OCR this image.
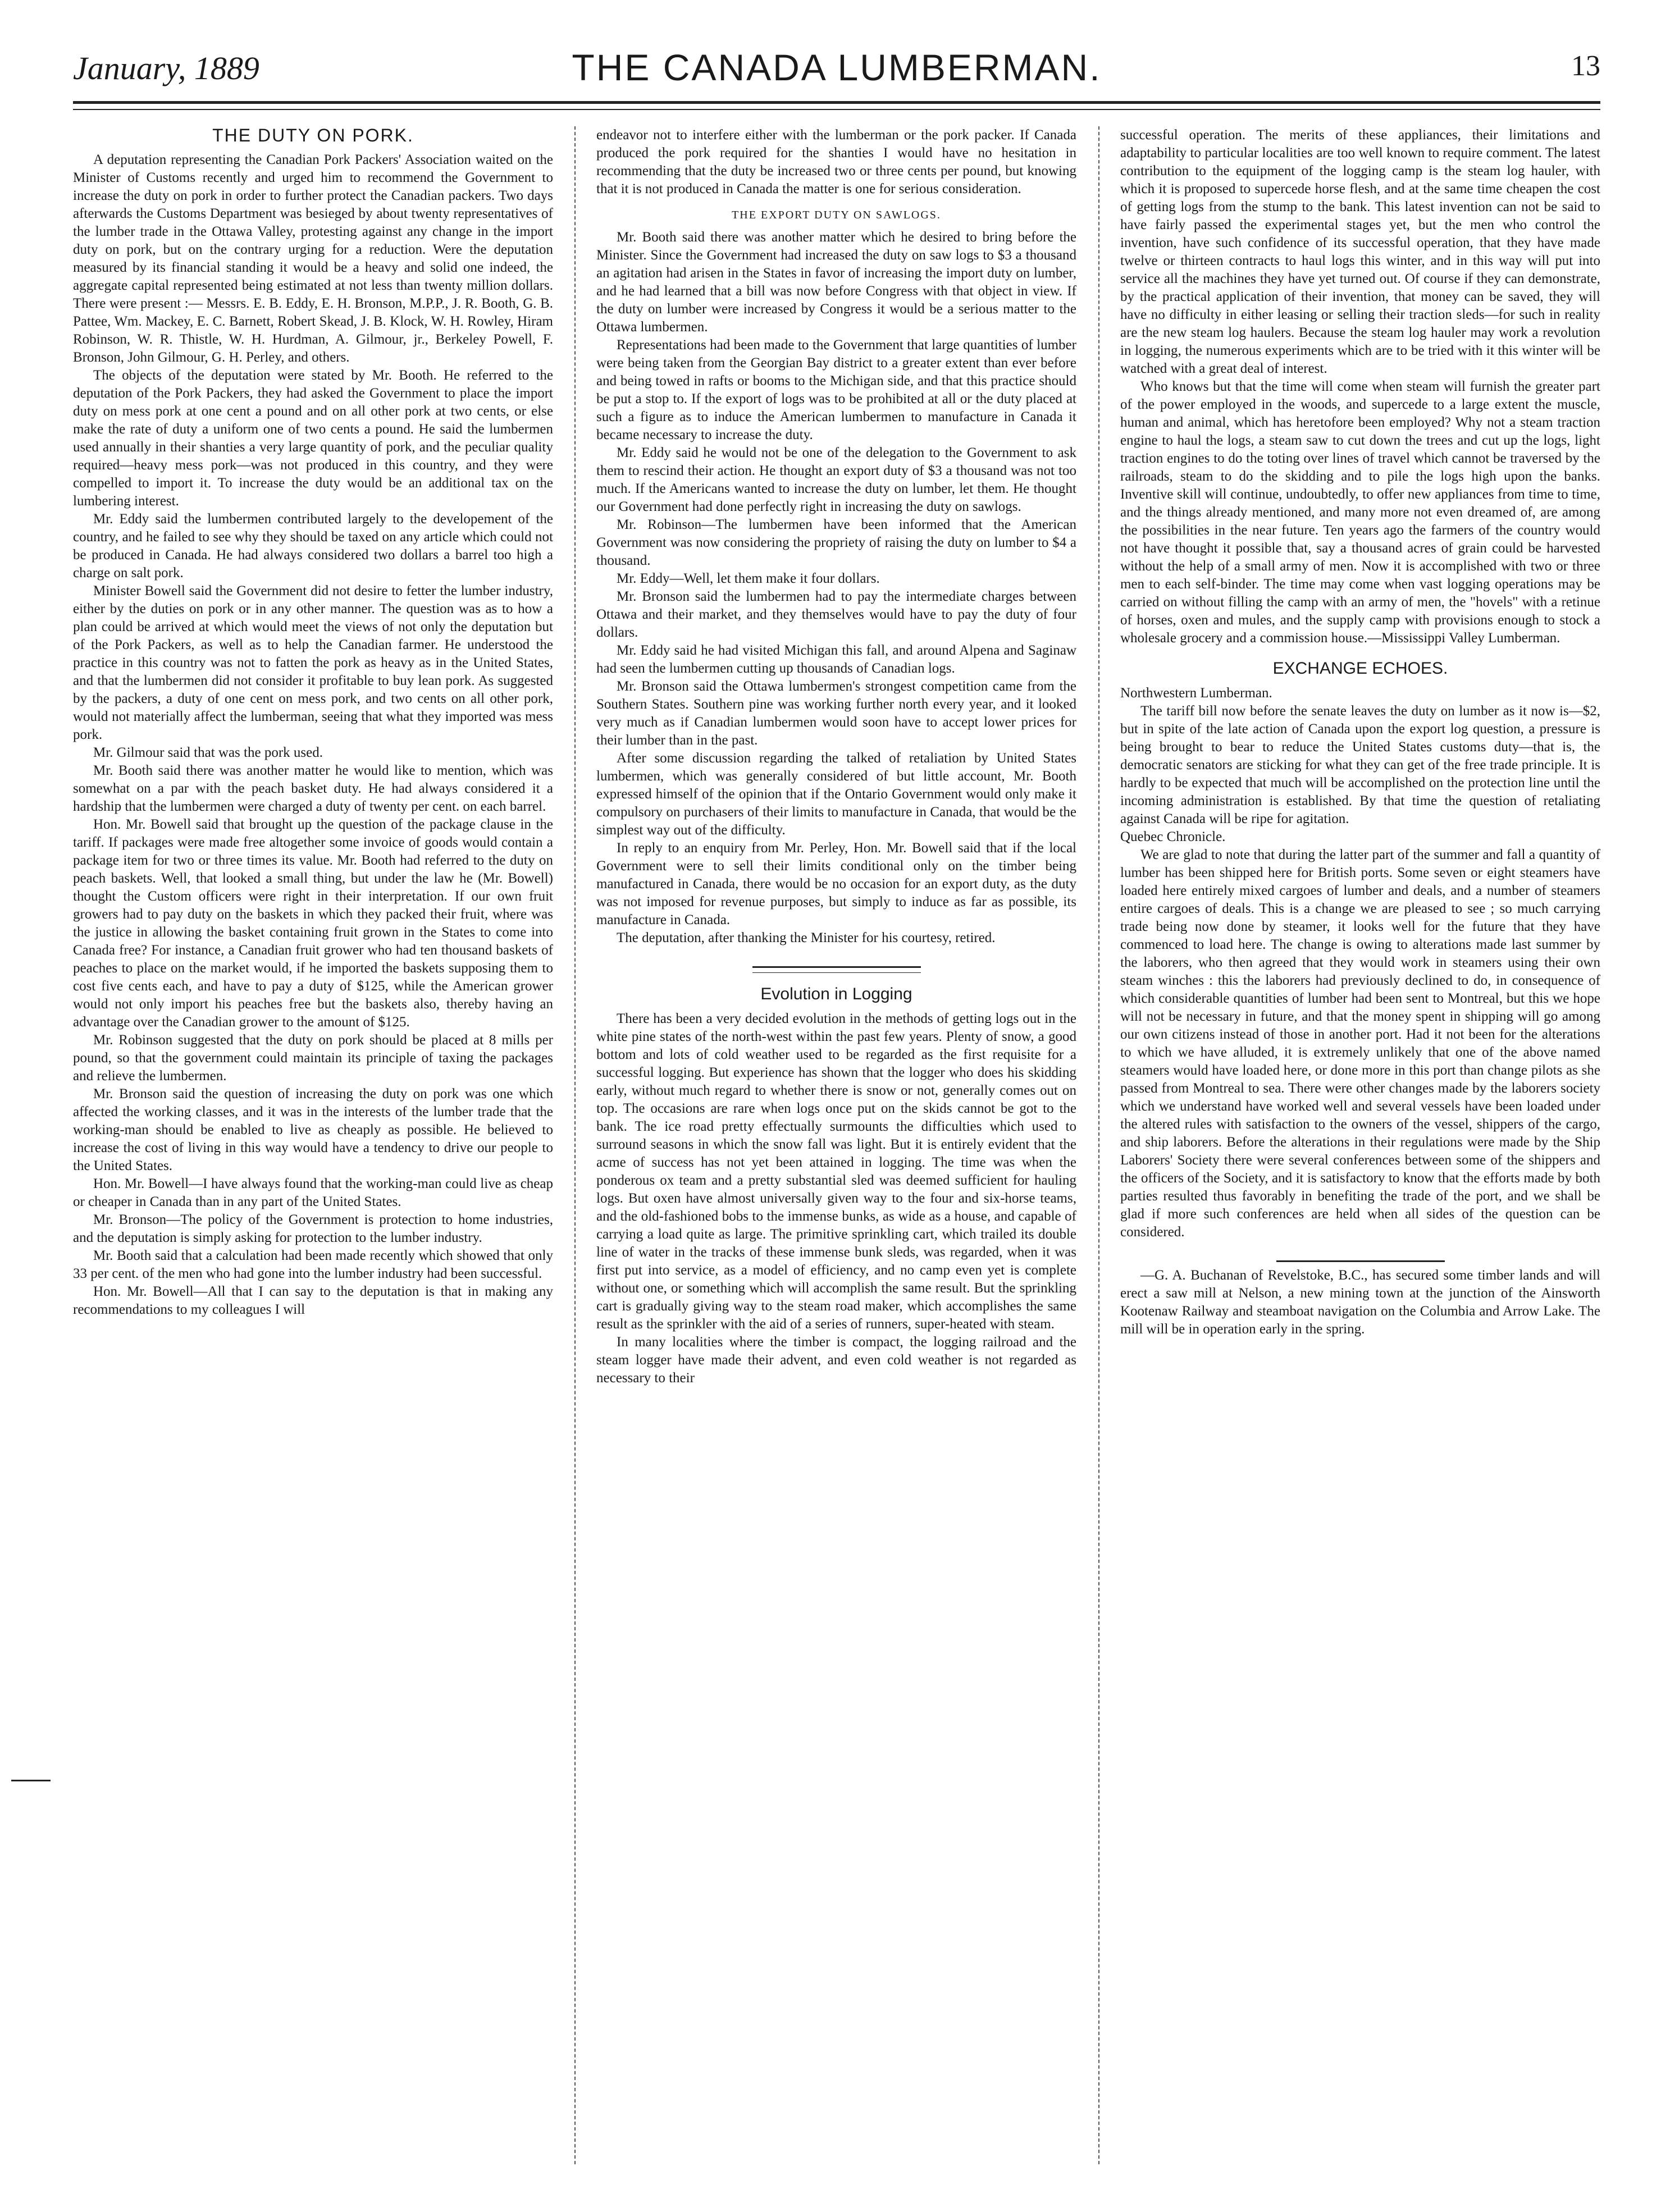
January, 1889	THE CANADA LUMBERMAN.	13
THE DUTY ON PORK.

A deputation representing the Canadian Pork Packers' Association waited on the Minister of Customs recently and urged him to recommend the Government to increase the duty on pork in order to further protect the Canadian packers. Two days afterwards the Customs Department was besieged by about twenty representatives of the lumber trade in the Ottawa Valley, protesting against any change in the import duty on pork, but on the contrary urging for a reduction. Were the deputation measured by its financial standing it would be a heavy and solid one indeed, the aggregate capital represented being estimated at not less than twenty million dollars. There were present :— Messrs. E. B. Eddy, E. H. Bronson, M.P.P., J. R. Booth, G. B. Pattee, Wm. Mackey, E. C. Barnett, Robert Skead, J. B. Klock, W. H. Rowley, Hiram Robinson, W. R. Thistle, W. H. Hurdman, A. Gilmour, jr., Berkeley Powell, F. Bronson, John Gilmour, G. H. Perley, and others.

The objects of the deputation were stated by Mr. Booth. He referred to the deputation of the Pork Packers, they had asked the Government to place the import duty on mess pork at one cent a pound and on all other pork at two cents, or else make the rate of duty a uniform one of two cents a pound. He said the lumbermen used annually in their shanties a very large quantity of pork, and the peculiar quality required—heavy mess pork—was not produced in this country, and they were compelled to import it. To increase the duty would be an additional tax on the lumbering interest.

Mr. Eddy said the lumbermen contributed largely to the developement of the country, and he failed to see why they should be taxed on any article which could not be produced in Canada. He had always considered two dollars a barrel too high a charge on salt pork.

Minister Bowell said the Government did not desire to fetter the lumber industry, either by the duties on pork or in any other manner. The question was as to how a plan could be arrived at which would meet the views of not only the deputation but of the Pork Packers, as well as to help the Canadian farmer. He understood the practice in this country was not to fatten the pork as heavy as in the United States, and that the lumbermen did not consider it profitable to buy lean pork. As suggested by the packers, a duty of one cent on mess pork, and two cents on all other pork, would not materially affect the lumberman, seeing that what they imported was mess pork.

Mr. Gilmour said that was the pork used.

Mr. Booth said there was another matter he would like to mention, which was somewhat on a par with the peach basket duty. He had always considered it a hardship that the lumbermen were charged a duty of twenty per cent. on each barrel.

Hon. Mr. Bowell said that brought up the question of the package clause in the tariff. If packages were made free altogether some invoice of goods would contain a package item for two or three times its value. Mr. Booth had referred to the duty on peach baskets. Well, that looked a small thing, but under the law he (Mr. Bowell) thought the Custom officers were right in their interpretation. If our own fruit growers had to pay duty on the baskets in which they packed their fruit, where was the justice in allowing the basket containing fruit grown in the States to come into Canada free? For instance, a Canadian fruit grower who had ten thousand baskets of peaches to place on the market would, if he imported the baskets supposing them to cost five cents each, and have to pay a duty of $125, while the American grower would not only import his peaches free but the baskets also, thereby having an advantage over the Canadian grower to the amount of $125.

Mr. Robinson suggested that the duty on pork should be placed at 8 mills per pound, so that the government could maintain its principle of taxing the packages and relieve the lumbermen.

Mr. Bronson said the question of increasing the duty on pork was one which affected the working classes, and it was in the interests of the lumber trade that the working-man should be enabled to live as cheaply as possible. He believed to increase the cost of living in this way would have a tendency to drive our people to the United States.

Hon. Mr. Bowell—I have always found that the working-man could live as cheap or cheaper in Canada than in any part of the United States.

Mr. Bronson—The policy of the Government is protection to home industries, and the deputation is simply asking for protection to the lumber industry.

Mr. Booth said that a calculation had been made recently which showed that only 33 per cent. of the men who had gone into the lumber industry had been successful.

Hon. Mr. Bowell—All that I can say to the deputation is that in making any recommendations to my colleagues I will

endeavor not to interfere either with the lumberman or the pork packer. If Canada produced the pork required for the shanties I would have no hesitation in recommending that the duty be increased two or three cents per pound, but knowing that it is not produced in Canada the matter is one for serious consideration.

THE EXPORT DUTY ON SAWLOGS.

Mr. Booth said there was another matter which he desired to bring before the Minister. Since the Government had increased the duty on saw logs to $3 a thousand an agitation had arisen in the States in favor of increasing the import duty on lumber, and he had learned that a bill was now before Congress with that object in view. If the duty on lumber were increased by Congress it would be a serious matter to the Ottawa lumbermen.

Representations had been made to the Government that large quantities of lumber were being taken from the Georgian Bay district to a greater extent than ever before and being towed in rafts or booms to the Michigan side, and that this practice should be put a stop to. If the export of logs was to be prohibited at all or the duty placed at such a figure as to induce the American lumbermen to manufacture in Canada it became necessary to increase the duty.

Mr. Eddy said he would not be one of the delegation to the Government to ask them to rescind their action. He thought an export duty of $3 a thousand was not too much. If the Americans wanted to increase the duty on lumber, let them. He thought our Government had done perfectly right in increasing the duty on sawlogs.

Mr. Robinson—The lumbermen have been informed that the American Government was now considering the propriety of raising the duty on lumber to $4 a thousand.

Mr. Eddy—Well, let them make it four dollars.

Mr. Bronson said the lumbermen had to pay the intermediate charges between Ottawa and their market, and they themselves would have to pay the duty of four dollars.

Mr. Eddy said he had visited Michigan this fall, and around Alpena and Saginaw had seen the lumbermen cutting up thousands of Canadian logs.

Mr. Bronson said the Ottawa lumbermen's strongest competition came from the Southern States. Southern pine was working further north every year, and it looked very much as if Canadian lumbermen would soon have to accept lower prices for their lumber than in the past.

After some discussion regarding the talked of retaliation by United States lumbermen, which was generally considered of but little account, Mr. Booth expressed himself of the opinion that if the Ontario Government would only make it compulsory on purchasers of their limits to manufacture in Canada, that would be the simplest way out of the difficulty.

In reply to an enquiry from Mr. Perley, Hon. Mr. Bowell said that if the local Government were to sell their limits conditional only on the timber being manufactured in Canada, there would be no occasion for an export duty, as the duty was not imposed for revenue purposes, but simply to induce as far as possible, its manufacture in Canada.

The deputation, after thanking the Minister for his courtesy, retired.

Evolution in Logging

There has been a very decided evolution in the methods of getting logs out in the white pine states of the north-west within the past few years. Plenty of snow, a good bottom and lots of cold weather used to be regarded as the first requisite for a successful logging. But experience has shown that the logger who does his skidding early, without much regard to whether there is snow or not, generally comes out on top. The occasions are rare when logs once put on the skids cannot be got to the bank. The ice road pretty effectually surmounts the difficulties which used to surround seasons in which the snow fall was light. But it is entirely evident that the acme of success has not yet been attained in logging. The time was when the ponderous ox team and a pretty substantial sled was deemed sufficient for hauling logs. But oxen have almost universally given way to the four and six-horse teams, and the old-fashioned bobs to the immense bunks, as wide as a house, and capable of carrying a load quite as large. The primitive sprinkling cart, which trailed its double line of water in the tracks of these immense bunk sleds, was regarded, when it was first put into service, as a model of efficiency, and no camp even yet is complete without one, or something which will accomplish the same result. But the sprinkling cart is gradually giving way to the steam road maker, which accomplishes the same result as the sprinkler with the aid of a series of runners, super-heated with steam.

In many localities where the timber is compact, the logging railroad and the steam logger have made their advent, and even cold weather is not regarded as necessary to their

successful operation. The merits of these appliances, their limitations and adaptability to particular localities are too well known to require comment. The latest contribution to the equipment of the logging camp is the steam log hauler, with which it is proposed to supercede horse flesh, and at the same time cheapen the cost of getting logs from the stump to the bank. This latest invention can not be said to have fairly passed the experimental stages yet, but the men who control the invention, have such confidence of its successful operation, that they have made twelve or thirteen contracts to haul logs this winter, and in this way will put into service all the machines they have yet turned out. Of course if they can demonstrate, by the practical application of their invention, that money can be saved, they will have no difficulty in either leasing or selling their traction sleds—for such in reality are the new steam log haulers. Because the steam log hauler may work a revolution in logging, the numerous experiments which are to be tried with it this winter will be watched with a great deal of interest.

Who knows but that the time will come when steam will furnish the greater part of the power employed in the woods, and supercede to a large extent the muscle, human and animal, which has heretofore been employed? Why not a steam traction engine to haul the logs, a steam saw to cut down the trees and cut up the logs, light traction engines to do the toting over lines of travel which cannot be traversed by the railroads, steam to do the skidding and to pile the logs high upon the banks. Inventive skill will continue, undoubtedly, to offer new appliances from time to time, and the things already mentioned, and many more not even dreamed of, are among the possibilities in the near future. Ten years ago the farmers of the country would not have thought it possible that, say a thousand acres of grain could be harvested without the help of a small army of men. Now it is accomplished with two or three men to each self-binder. The time may come when vast logging operations may be carried on without filling the camp with an army of men, the "hovels" with a retinue of horses, oxen and mules, and the supply camp with provisions enough to stock a wholesale grocery and a commission house.—Mississippi Valley Lumberman.

EXCHANGE ECHOES.

Northwestern Lumberman.

The tariff bill now before the senate leaves the duty on lumber as it now is—$2, but in spite of the late action of Canada upon the export log question, a pressure is being brought to bear to reduce the United States customs duty—that is, the democratic senators are sticking for what they can get of the free trade principle. It is hardly to be expected that much will be accomplished on the protection line until the incoming administration is established. By that time the question of retaliating against Canada will be ripe for agitation.

Quebec Chronicle.

We are glad to note that during the latter part of the summer and fall a quantity of lumber has been shipped here for British ports. Some seven or eight steamers have loaded here entirely mixed cargoes of lumber and deals, and a number of steamers entire cargoes of deals. This is a change we are pleased to see ; so much carrying trade being now done by steamer, it looks well for the future that they have commenced to load here. The change is owing to alterations made last summer by the laborers, who then agreed that they would work in steamers using their own steam winches : this the laborers had previously declined to do, in consequence of which considerable quantities of lumber had been sent to Montreal, but this we hope will not be necessary in future, and that the money spent in shipping will go among our own citizens instead of those in another port. Had it not been for the alterations to which we have alluded, it is extremely unlikely that one of the above named steamers would have loaded here, or done more in this port than change pilots as she passed from Montreal to sea. There were other changes made by the laborers society which we understand have worked well and several vessels have been loaded under the altered rules with satisfaction to the owners of the vessel, shippers of the cargo, and ship laborers. Before the alterations in their regulations were made by the Ship Laborers' Society there were several conferences between some of the shippers and the officers of the Society, and it is satisfactory to know that the efforts made by both parties resulted thus favorably in benefiting the trade of the port, and we shall be glad if more such conferences are held when all sides of the question can be considered.

—G. A. Buchanan of Revelstoke, B.C., has secured some timber lands and will erect a saw mill at Nelson, a new mining town at the junction of the Ainsworth Kootenaw Railway and steamboat navigation on the Columbia and Arrow Lake. The mill will be in operation early in the spring.
